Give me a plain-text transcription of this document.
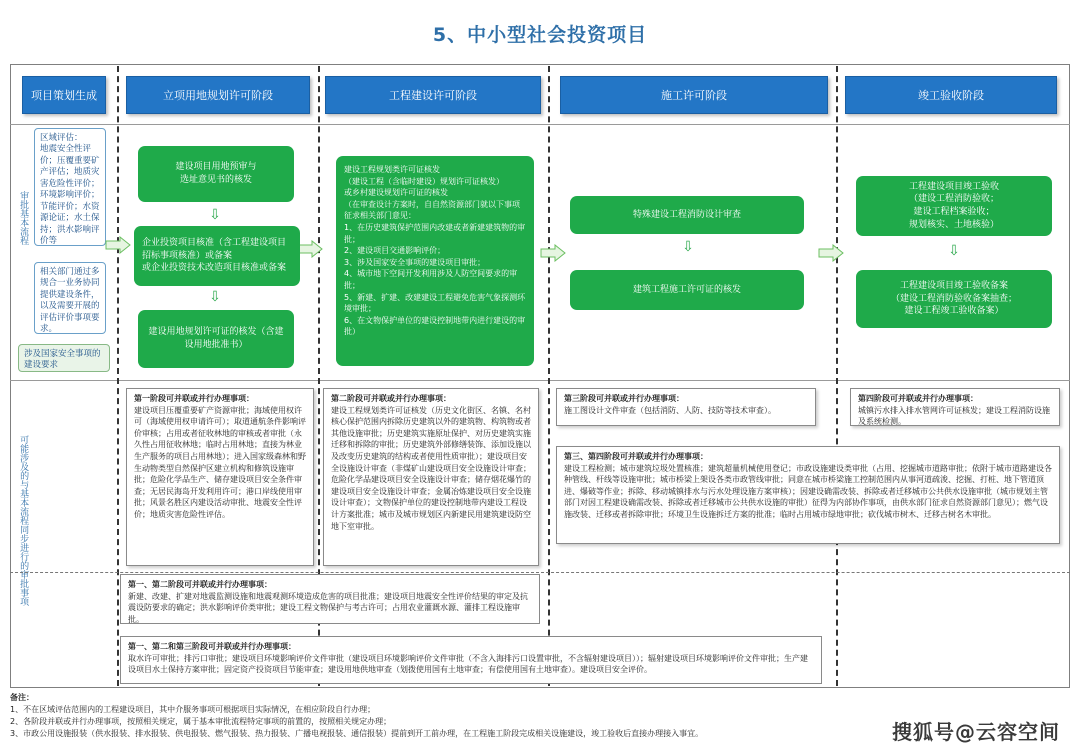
5、中小型社会投资项目
项目策划生成	立项用地规划许可阶段	工程建设许可阶段	施工许可阶段	竣工验收阶段
审批基本流程
可能涉及的与基本流程同步进行的审批事项
区域评估：
地震安全性评价；压覆重要矿产评估；地质灾害危险性评价；环境影响评价；节能评价；水资源论证；水土保持；洪水影响评价等
相关部门通过多规合一业务协同提供建设条件，以及需要开展的评估评价事项要求。
涉及国家安全事项的建设要求
建设项目用地预审与
选址意见书的核发
⇩
企业投资项目核准（含工程建设项目招标事项核准）或备案
或企业投资技术改造项目核准或备案
⇩
建设用地规划许可证的核发（含建设用地批准书）
建设工程规划类许可证核发
（建设工程（含临时建设）规划许可证核发）
或乡村建设规划许可证的核发
（在审查设计方案时，自自然资源部门就以下事项征求相关部门意见：
1、在历史建筑保护范围内改建或者新建建筑物的审批；
2、建设项目交通影响评价；
3、涉及国家安全事项的建设项目审批；
4、城市地下空间开发利用涉及人防空间要求的审批；
5、新建、扩建、改建建设工程避免危害气象探测环境审批；
6、在文物保护单位的建设控制地带内进行建设的审批）
特殊建设工程消防设计审查
⇩
建筑工程施工许可证的核发
工程建设项目竣工验收
（建设工程消防验收；
建设工程档案验收；
规划核实、土地核验）
⇩
工程建设项目竣工验收备案
（建设工程消防验收备案抽查；
建设工程竣工验收备案）
第一阶段可并联或并行办理事项：
建设项目压覆重要矿产资源审批；海域使用权许可（海域使用权申请许可）；取道通航条件影响评价审核；占用或者征收林地的审核或者审批（永久性占用征收林地；临时占用林地；直接为林业生产服务的项目占用林地）；进入国家级森林和野生动物类型自然保护区建立机构和修筑设施审批；危险化学品生产、储存建设项目安全条件审查；无居民海岛开发利用许可；港口岸线使用审批；风景名胜区内建设活动审批、地震安全性评价；地质灾害危险性评估。
第二阶段可并联或并行办理事项：
建设工程规划类许可证核发（历史文化街区、名镇、名村核心保护范围内拆除历史建筑以外的建筑物、构筑物或者其他设施审批；历史建筑实施原址保护、对历史建筑实施迁移和拆除的审批；历史建筑外部修缮装饰、添加设施以及改变历史建筑的结构或者使用性质审批）；建设项目安全设施设计审查（非煤矿山建设项目安全设施设计审查；危险化学品建设项目安全设施设计审查；储存烟花爆竹的建设项目安全设施设计审查；金属冶炼建设项目安全设施设计审查）；文物保护单位的建设控制地带内建设工程设计方案批准；城市及城市规划区内新建民用建筑建设防空地下室审批。
第三阶段可并联或并行办理事项：
施工图设计文件审查（包括消防、人防、技防等技术审查）。
第四阶段可并联或并行办理事项：
城镇污水排入排水管网许可证核发；建设工程消防设施及系统检测。
第三、第四阶段可并联或并行办理事项：
建设工程检测；城市建筑垃圾处置核准；建筑超量机械使用登记；市政设施建设类审批（占用、挖掘城市道路审批；依附于城市道路建设各种管线、杆线等设施审批；城市桥梁上架设各类市政管线审批；同意在城市桥梁施工控制范围内从事河道疏浚、挖掘、打桩、地下管道顶进、爆破等作业；拆除、移动城镇排水与污水处理设施方案审核）；因建设确需改装、拆除或者迁移城市公共供水设施审批（城市规划主管部门对因工程建设确需改装、拆除或者迁移城市公共供水设施的审批）征得为内部协作事项，由供水部门征求自然资源部门意见）；燃气设施改装、迁移或者拆除审批；环境卫生设施拆迁方案的批准；临时占用城市绿地审批；砍伐城市树木、迁移古树名木审批。
第一、第二阶段可并联或并行办理事项：
新建、改建、扩建对地震监测设施和地震观测环境造成危害的项目批准；建设项目地震安全性评价结果的审定及抗震设防要求的确定；洪水影响评价类审批；建设工程文物保护与考古许可；占用农业灌溉水源、灌排工程设施审批。
第一、第二和第三阶段可并联或并行办理事项：
取水许可审批；排污口审批；建设项目环境影响评价文件审批（建设项目环境影响评价文件审批（不含入海排污口设置审批，不含辐射建设项目））；辐射建设项目环境影响评价文件审批；生产建设项目水土保持方案审批；固定资产投资项目节能审查；建设用地供地审查（划拨使用国有土地审查；有偿使用国有土地审查）。建设项目安全评价。
备注：
1、不在区域评估范围内的工程建设项目，其中介服务事项可根据项目实际情况，在相应阶段自行办理；
2、各阶段并联或并行办理事项，按照相关规定，属于基本审批流程特定事项的前置的，按照相关规定办理；
3、市政公用设施报装（供水报装、排水报装、供电报装、燃气报装、热力报装、广播电视报装、通信报装）提前到开工前办理，在工程施工阶段完成相关设施建设，竣工验收后直接办理接入事宜。	搜狐号@云容空间
